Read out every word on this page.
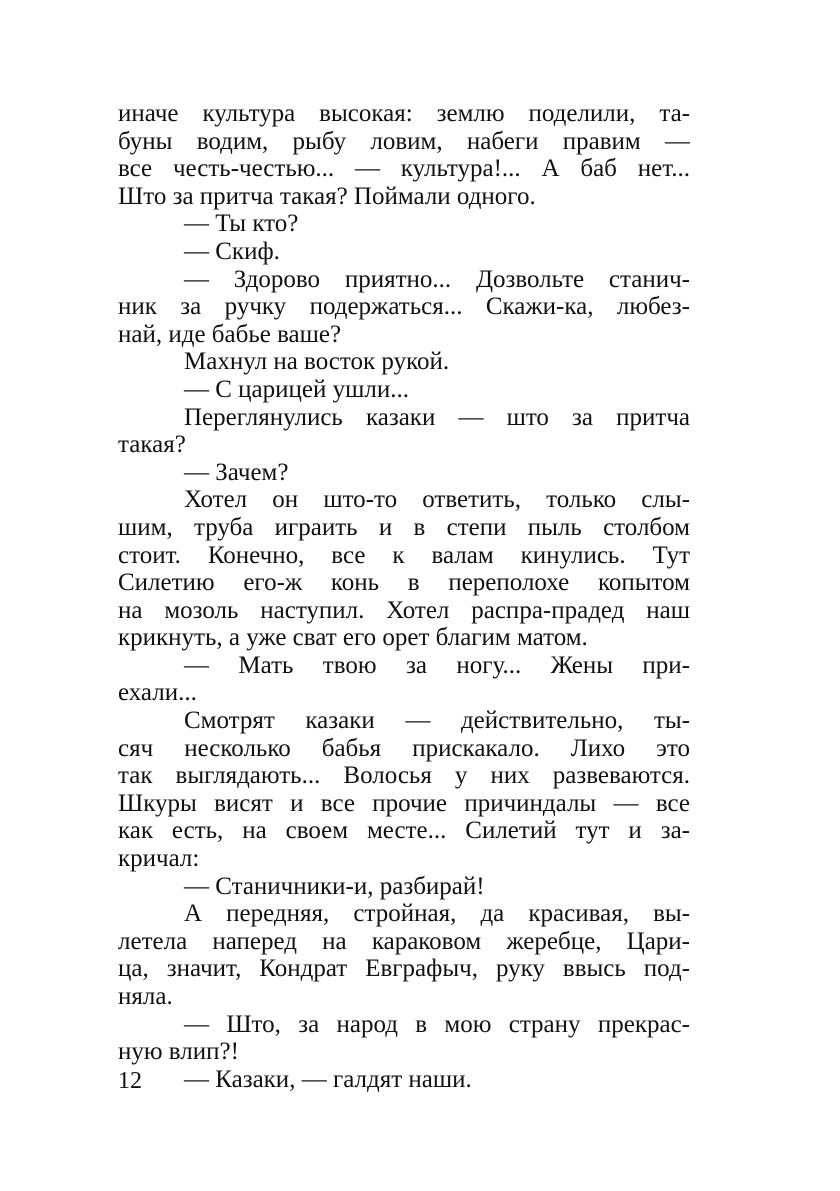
иначе культура высокая: землю поделили, та-
буны водим, рыбу ловим, набеги правим —
все честь-честью... — культура!... А баб нет...
Што за притча такая? Поймали одного.
— Ты кто?
— Скиф.
— Здорово приятно... Дозвольте станич-
ник за ручку подержаться... Скажи-ка, любез-
най, иде бабье ваше?
Махнул на восток рукой.
— С царицей ушли...
Переглянулись казаки — што за притча
такая?
— Зачем?
Хотел он што-то ответить, только слы-
шим, труба играить и в степи пыль столбом
стоит. Конечно, все к валам кинулись. Тут
Силетию его-ж конь в переполохе копытом
на мозоль наступил. Хотел распра-прадед наш
крикнуть, а уже сват его орет благим матом.
— Мать твою за ногу... Жены при-
ехали...
Смотрят казаки — действительно, ты-
сяч несколько бабья прискакало. Лихо это
так выглядають... Волосья у них развеваются.
Шкуры висят и все прочие причиндалы — все
как есть, на своем месте... Силетий тут и за-
кричал:
— Станичники-и, разбирай!
А передняя, стройная, да красивая, вы-
летела наперед на караковом жеребце, Цари-
ца, значит, Кондрат Евграфыч, руку ввысь под-
няла.
— Што, за народ в мою страну прекрас-
ную влип?!
— Казаки, — галдят наши.
12
